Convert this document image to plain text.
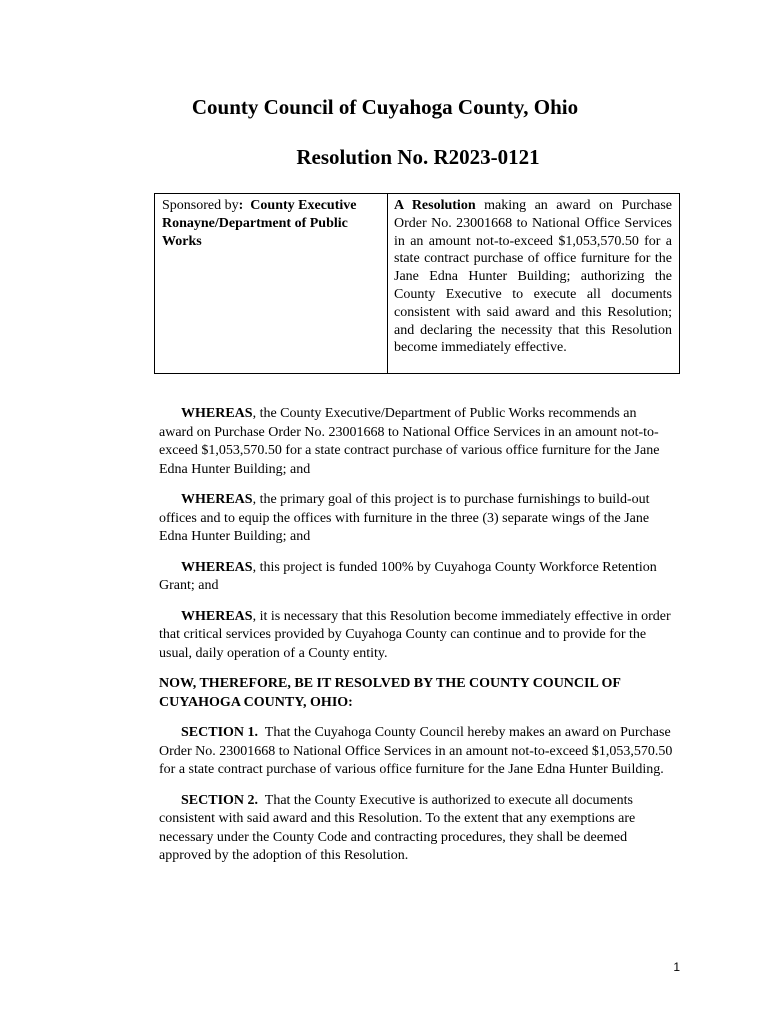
County Council of Cuyahoga County, Ohio
Resolution No. R2023-0121
Sponsored by: County Executive Ronayne/Department of Public Works
A Resolution making an award on Purchase Order No. 23001668 to National Office Services in an amount not-to-exceed $1,053,570.50 for a state contract purchase of office furniture for the Jane Edna Hunter Building; authorizing the County Executive to execute all documents consistent with said award and this Resolution; and declaring the necessity that this Resolution become immediately effective.

WHEREAS, the County Executive/Department of Public Works recommends an award on Purchase Order No. 23001668 to National Office Services in an amount not-to-exceed $1,053,570.50 for a state contract purchase of various office furniture for the Jane Edna Hunter Building; and

WHEREAS, the primary goal of this project is to purchase furnishings to build-out offices and to equip the offices with furniture in the three (3) separate wings of the Jane Edna Hunter Building; and

WHEREAS, this project is funded 100% by Cuyahoga County Workforce Retention Grant; and

WHEREAS, it is necessary that this Resolution become immediately effective in order that critical services provided by Cuyahoga County can continue and to provide for the usual, daily operation of a County entity.

NOW, THEREFORE, BE IT RESOLVED BY THE COUNTY COUNCIL OF CUYAHOGA COUNTY, OHIO:

SECTION 1. That the Cuyahoga County Council hereby makes an award on Purchase Order No. 23001668 to National Office Services in an amount not-to-exceed $1,053,570.50 for a state contract purchase of various office furniture for the Jane Edna Hunter Building.

SECTION 2. That the County Executive is authorized to execute all documents consistent with said award and this Resolution. To the extent that any exemptions are necessary under the County Code and contracting procedures, they shall be deemed approved by the adoption of this Resolution.

1
